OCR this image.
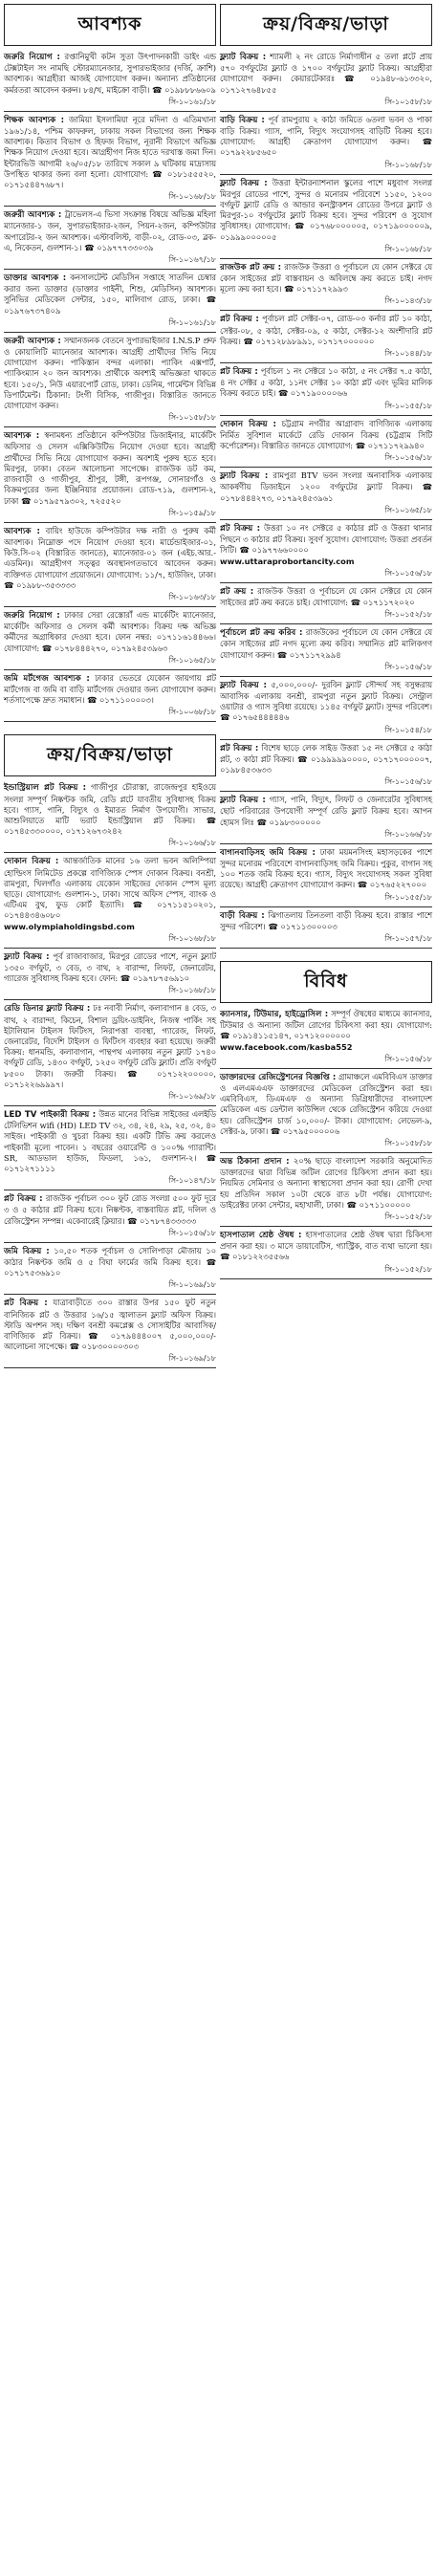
আবশ্যক

জরুরি নিয়োগ : রপ্তানিমুখী কটন সুতা উৎপাদনকারী ডাইং এন্ড টেক্সটাইল সং নামছি স্টোরম্যানেজার, সুপারভাইজার (দর্জি, ক্রাশি) আবশ্যক। আগ্রহীরা আজই যোগাযোগ করুন। অন্যান্য প্রতিষ্ঠানের কর্মরতরা আবেদন করুন। ৮৪/খ, মাইক্রো বাড়ী। ☎ ০১৯৮৮৮৬৬০৯

সি-১০১৬১/১৮

শিক্ষক আবশ্যক : জামিয়া ইসলামিয়া নূরে মদিনা ও এতিমখানা ১৯৬১/১৪, পশ্চিম কাফরুল, ঢাকায় সকল বিভাগের জন্য শিক্ষক আবশ্যক। কিতাব বিভাগ ও হিফজ বিভাগ, নূরানী বিভাগে অভিজ্ঞ শিক্ষক নিয়োগ দেওয়া হবে। আগ্রহীগণ নিজ হাতে দরখাস্ত জমা দিন। ইন্টারভিউ আগামী ২৬/০৫/১৮ তারিখে সকাল ৯ ঘটিকায় মাদ্রাসায় উপস্থিত থাকার জন্য বলা হলো। যোগাযোগ: ☎ ০১৮১৫৫৫২০, ০১৭১৫৪৪৭৬৮৭।

সি-১০১৬৮/১৮

জরুরী আবশ্যক : ট্রাভেলস-এ ভিসা সংক্রান্ত বিষয়ে অভিজ্ঞ মহিলা ম্যানেজার-১ জন, সুপারভাইজার-২জন, পিয়ন-২জন, কম্পিউটার অপারেটর-২ জন আবশ্যক। এস্টাবলিস্ট, বাড়ী-০২, রোড-০৩, ব্লক-এ, নিকেতন, গুলশান-১। ☎ ০১৯৭৭৭৩৩০৩৯

সি-১০১৬৭/১৮

ডাক্তার আবশ্যক : কনসালটেন্ট মেডিসিন সপ্তাহে সাতদিন চেম্বার করার জন্য ডাক্তার (ডাক্তার গাইনী, শিশু, মেডিসিন) আবশ্যক। সুনিভির মেডিকেল সেন্টার, ১৫০, মালিবাগ রোড, ঢাকা। ☎ ০১৯৭৬৭৩৭৪০৯

সি-১০১৬১/১৮

জরুরী আবশ্যক : সম্মানজনক বেতনে সুপারভাইজার I.N.S.P প্রুফ ও কোয়ালিটি ম্যানেজার আবশ্যক। আগ্রহী প্রার্থীদের সিভি নিয়ে যোগাযোগ করুন। পাকিস্তান বন্দর এলাকা। প্যাকিং এক্সপার্ট, প্যাকিংম্যান ২০ জন আবশ্যক। প্রার্থীকে অবশ্যই অভিজ্ঞতা থাকতে হবে। ১৫০/১, নিউ এয়ারপোর্ট রোড, ঢাকা। ডেনিম, গার্মেন্টস বিভিন্ন ডিপার্টমেন্ট। ঠিকানা: টংগী বিসিক, গাজীপুর। বিস্তারিত জানতে যোগাযোগ করুন।

সি-১০১৫৮/১৮

আবশ্যক : স্বনামধন্য প্রতিষ্ঠানে কম্পিউটার ডিজাইনার, মার্কেটিং অফিসার ও সেলস এক্সিকিউটিভ নিয়োগ দেওয়া হবে। আগ্রহী প্রার্থীদের সিভি নিয়ে যোগাযোগ করুন। অবশ্যই পুরুষ হতে হবে। মিরপুর, ঢাকা। বেতন আলোচনা সাপেক্ষে। রাজউক ডট কম, রাজবাড়ী ও গাজীপুর, শ্রীপুর, টঙ্গী, রূপগঞ্জ, সোনারগাঁও ও বিক্রমপুরের জন্য ইঞ্জিনিয়ার প্রয়োজন। রোড-৭১৯, গুলশান-২, ঢাকা ☎ ০১৭৯৫৭৯৩০২, ৭২৫৫২০

সি-১০১৫৯/১৮

আবশ্যক : বায়িং হাউজে কম্পিউটার দক্ষ নারী ও পুরুষ কর্মী আবশ্যক। নিম্নোক্ত পদে নিয়োগ দেওয়া হবে। মার্চেন্ডাইজার-০১, কিউ.সি-০২ (বিস্তারিত জানতে), ম্যানেজার-০১ জন (এইচ.আর.-এডমিন)। আগ্রহীগণ সত্ত্বর অবস্থানগতভাবে আবেদন করুন। ব্যক্তিগত যোগাযোগ প্রয়োজনে। যোগাযোগ: ১১/৭, হাউজিং, ঢাকা। ☎ ০১৯৮৮-৩৫৩৩৩৩

সি-১০১৬৩/১৮

জরুরি নিয়োগ : ঢাকার সেরা রেস্তোরাঁ এন্ড মার্কেটিং ম্যানেজার, মার্কেটিং অফিসার ও সেলস কর্মী আবশ্যক। বিক্রয় দক্ষ অভিজ্ঞ কর্মীদের অগ্রাধিকার দেওয়া হবে। ফোন নম্বর: ০১৭১১৬১৪৪৬৬। যোগাযোগ: ☎ ০১৭৮৪৪৪২৭০, ০১৭৯২৪৫৩৯৬৩

সি-১০১৬৫/১৮

জমি মর্টগেজ আবশ্যক : ঢাকার ভেতরে যেকোন জায়গায় প্লট মার্টগেজ বা জমি বা বাড়ি মার্টগেজ দেওয়ার জন্য যোগাযোগ করুন। শর্তসাপেক্ষে দ্রুত সমাধান। ☎ ০১৭১১০০০০৩।

সি-১০০৬৮/১৮
ক্রয়/বিক্রয়/ভাড়া

ইন্ডাস্ট্রিয়াল প্লট বিক্রয় : গাজীপুর চৌরাস্তা, রাজেন্দ্রপুর হাইওয়ে সংলগ্ন সম্পূর্ণ নিষ্কণ্টক জমি, রেডি প্লটে যাবতীয় সুবিধাসহ বিক্রয় হবে। গ্যাস, পানি, বিদ্যুৎ ও ইমারত নির্মাণ উপযোগী। সাভার, আশুলিয়াতে মাটি ভরাট ইন্ডাস্ট্রিয়াল প্লট বিক্রয়। ☎ ০১৭৪৫৩৩০০০০, ০১৭১২৬৭৩২৪২

সি-১০১৬৬/১৮

দোকান বিক্রয় : আন্তর্জাতিক মানের ১৬ তলা ভবন অলিম্পিয়া হোল্ডিংস লিমিটেড প্রকল্পে বাণিজ্যিক স্পেস দোকান বিক্রয়। বনশ্রী, রামপুরা, খিলগাঁও এলাকায় যেকোন সাইজের দোকান স্পেস মূল্য ছাড়ে। যোগাযোগ: গুলশান-১, ঢাকা। সাথে অফিস স্পেস, ব্যাংক ও এটিএম বুথ, ফুড কোর্ট ইত্যাদি। ☎ ০১৭১১৫১০২০১, ০১৭৪৪৩৪৬০৮০
www.olympiaholdingsbd.com

সি-১০১৬৮/১৮

ফ্ল্যাট বিক্রয় : পূর্ব রাজাবাজার, মিরপুর রোডের পাশে, নতুন ফ্ল্যাট ১৩৫০ বর্গফুট, ৩ বেড, ৩ বাথ, ২ বারান্দা, লিফট, জেনারেটর, গ্যারেজ সুবিধাসহ বিক্রয় হবে। ফোন: ☎ ০১৯৭৮৭৫৬৯১০

সি-১০১৬৮/১৮

রেডি ডিনার ফ্ল্যাট বিক্রয় : ঢঃ নবাবী নির্মাণ, কলাবাগান ৪ বেড, ৩ বাথ, ২ বারান্দা, কিচেন, বিশাল ড্রয়িং-ডাইনিং, নিজস্ব পার্কিং সহ ইটালিয়ান টাইলস ফিটিংস, নিরাপত্তা ব্যবস্থা, গ্যারেজ, লিফট, জেনারেটর, বিদেশি টাইলস ও ফিটিংস ব্যবহার করা হয়েছে। জরুরী বিক্রয়: ধানমন্ডি, কলাবাগান, পান্থপথ এলাকায় নতুন ফ্ল্যাট ১৭৪০ বর্গফুট রেডি, ১৪৩০ বর্গফুট, ১২৫০ বর্গফুট রেডি ফ্ল্যাট। প্রতি বর্গফুট ৮৫০০ টাকা। জরুরী বিক্রয়। ☎ ০১৭১২২০০০০০, ০১৭১২২৬৯৯৯৭।

সি-১০১৬৯/১৮

LED TV পাইকারী বিক্রয় : উন্নত মানের বিভিন্ন সাইজের এলইডি টেলিভিশন wifi (HD) LED TV ৩২, ৩৪, ২৪, ২৯, ২৫, ৩২, ৪০ সাইজ। পাইকারী ও খুচরা বিক্রয় হয়। একটি টিভি ক্রয় করলেও পাইকারী মূল্যে পাবেন। ১ বছরের ওয়ারেন্টি ও ১০০% গ্যারান্টি। SR, আডভাল হাউজ, ফিডলা, ১৬১, গুলশান-২। ☎ ০১৭১২৭১১১১

সি-১০১৪৭/১৮

প্লট বিক্রয় : রাজউক পূর্বাচল ৩০০ ফুট রোড সংলগ্ন ৫০০ ফুট দূরে ৩ ও ৫ কাঠার প্লট বিক্রয় হবে। নিষ্কণ্টক, বাস্তবায়িত প্লট, দলিল ও রেজিস্ট্রেশন সম্পন্ন। একেবারেই ক্লিয়ার। ☎ ০১৭৮৭৪৩৩৩৩৩

সি-১০১৫৬/১৮

জমি বিক্রয় : ১০,৫০ শতক পূর্বাচল ও সোলিপাড়া মৌজায় ১০ কাঠার নিষ্কণ্টক জমি ও ৫ বিঘা ফার্মের জমি বিক্রয় হবে। ☎ ০১৭১৭৫৩৬৯১০

সি-১০১৬৯/১৮

প্লট বিক্রয় : যাত্রাবাড়ীতে ৩০০ রাস্তার উপর ১৫০ ফুট নতুন বানিজ্যিক প্লট ও উত্তরার ১৬/১৫ জ্বালাতন ফ্ল্যাট অফিস বিক্রয়। স্টাডি অপশন সহ। দক্ষিণ বনশ্রী কমপ্লেক্স ও সোসাইটির আবাসিক/বাণিজ্যিক প্লট বিক্রয়। ☎ ০১৭৯৪৪৪০০৭ ৫,০০০,০০০/- আলোচনা সাপেক্ষে। ☎ ০১৮৩০০০০৩০৩

সি-১০১৬৯/১৮
ক্রয়/বিক্রয়/ভাড়া

ফ্ল্যাট বিক্রয় : শ্যামলী ২ নং রোডে নির্মাণাধীন ৫ তলা প্লটে প্রায় ৫৭০ বর্গফুটের ফ্ল্যাট ও ১৭০০ বর্গফুটের ফ্ল্যাট বিক্রয়। আগ্রহীরা যোগাযোগ করুন। কেয়ারটেকারঃ ☎ ০১৯৪৮-৬১৩৩২০, ০১৭১২৭৬৪৮৫৫

সি-১০১৫৮/১৮

বাড়ি বিক্রয় : পূর্ব রামপুরায় ২ কাঠা জমিতে ৬তলা ভবন ও পাকা বাড়ি বিক্রয়। গ্যাস, পানি, বিদ্যুৎ সংযোগসহ বাড়িটি বিক্রয় হবে। যোগাযোগ: আগ্রহী ক্রেতাগণ যোগাযোগ করুন। ☎ ০১৭৯২২৮৫৬৫০

সি-১০১৬৮/১৮

ফ্ল্যাট বিক্রয় : উত্তরা ইন্টারন্যাশনাল স্কুলের পাশে মধুবাগ সংলগ্ন মিরপুর রোডের পাশে, সুন্দর ও মনোরম পরিবেশে ১১৫০, ১২০০ বর্গফুট ফ্ল্যাট রেডি ও আন্ডার কনস্ট্রাকশন রোডের উপরে ফ্ল্যাট ও মিরপুর-১০ বর্গফুটের ফ্ল্যাট বিক্রয় হবে। সুন্দর পরিবেশ ও সুযোগ সুবিধাসহ। যোগাযোগ: ☎ ০১৭৬৮০০০০০৫, ০১৭১৯০০০০০৯, ০১৯৯৯০০০০০৫

সি-১০১৬৮/১৮

রাজউক প্লট ক্রয় : রাজউক উত্তরা ও পূর্বাচলে যে কোন সেক্টরে যে কোন সাইজের প্লট বাস্তবায়ন ও অবিলম্বে ক্রয় করতে চাই। নগদ মূল্যে ক্রয় করা হবে। ☎ ০১৭১১৭২৯৯৩

সি-১০১৪৩/১৮

প্লট বিক্রয় : পূর্বাচল প্লট সেক্টর-০৭, রোড-০৩ কর্নার প্লট ১০ কাঠা, সেক্টর-০৮, ৫ কাঠা, সেক্টর-০৯, ৫ কাঠা, সেক্টর-১২ অংশীদারি প্লট বিক্রয়। ☎ ০১৭১২৮৯৮৯৯১, ০১৭১৭০০০০০০

সি-১০১৪৪/১৮

প্লট বিক্রয় : পূর্বাচল ১ নং সেক্টরে ১০ কাঠা, ৫ নং সেক্টর ৭.৫ কাঠা, ৪ নং সেক্টর ৫ কাঠা, ১১নং সেক্টর ১০ কাঠা প্লট এবং ভূমির মালিক বিক্রয় করতে চাই। ☎ ০১৭১৯০০০০৬৬

সি-১০১৫৫/১৮

দোকান বিক্রয় : চট্টগ্রাম নগরীর আগ্রাবাদ বাণিজ্যিক এলাকায় নির্মিত সুবিশাল মার্কেটে রেডি দোকান বিক্রয় (চট্টগ্রাম সিটি কর্পোরেশন)। বিস্তারিত জানতে যোগাযোগ: ☎ ০১৭১১৭২৯৯৪০

সি-১০১৫৬/১৮

ফ্ল্যাট বিক্রয় : রামপুরা BTV ভবন সংলগ্ন অনাবাসিক এলাকায় আকর্ষণীয় ডিজাইনে ১২০০ বর্গফুটের ফ্ল্যাট বিক্রয়। ☎ ০১৭৮৪৪৪২৭৩, ০১৭৯২৪৫৩৯৬১

সি-১০১৬৫/১৮

প্লট বিক্রয় : উত্তরা ১০ নং সেক্টরে ৫ কাঠার প্লট ও উত্তরা থানার পিছনে ৩ কাঠার প্লট বিক্রয়। সুবর্ণ সুযোগ। যোগাযোগ: উত্তরা প্রবর্তন সিটি। ☎ ০১৯৭৭৬৬০০০০
www.uttaraprobortancity.com

সি-১০১৫৬/১৮

প্লট ক্রয় : রাজউক উত্তরা ও পূর্বাচলে যে কোন সেক্টরে যে কোন সাইজের প্লট ক্রয় করতে চাই। যোগাযোগ: ☎ ০১৭১১৭২০২০

সি-১০১৫২/১৮

পূর্বাচলে প্লট ক্রয় করিব : রাজউকের পূর্বাচলে যে কোন সেক্টরে যে কোন সাইজের প্লট নগদ মূল্যে ক্রয় করিব। সম্মানিত প্লট মালিকগণ যোগাযোগ করুন। ☎ ০১৭১১৭২৯৯৪

সি-১০১৫৬/১৮

ফ্ল্যাট বিক্রয় : ৫,০০০,০০০/- দুরবিন ফ্ল্যাট সৌন্দর্য সহ বসুন্ধরায় আবাসিক এলাকায় বনশ্রী, রামপুরা নতুন ফ্ল্যাট বিক্রয়। সেন্ট্রাল ওয়াটার ও গ্যাস সুবিধা রয়েছে। ১১৪৫ বর্গফুট ফ্ল্যাট। সুন্দর পরিবেশ। ☎ ০১৭৬৫৪৪৪৪৪৬

সি-১০১৫৪/১৮

প্লট বিক্রয় : বিশেষ ছাড়ে লেক সাইড উত্তরা ১৫ নং সেক্টরে ৫ কাঠা প্লট, ৩ কাঠা প্লট বিক্রয়। ☎ ০১৯৯৯৯৯০০০০, ০১৭১৭০০০০০৭, ০১৯৮৪৫৩৬৩৩

সি-১০১৫৬/১৮

ফ্ল্যাট বিক্রয় : গ্যাস, পানি, বিদ্যুৎ, লিফট ও জেনারেটর সুবিধাসহ ছোট পরিবারের উপযোগী সম্পূর্ণ রেডি ফ্ল্যাট বিক্রয় হবে। আপন হোমস লিঃ ☎ ০১৯৮৩০০০০০

সি-১০১৬৬/১৮

বাগানবাড়িসহ জমি বিক্রয় : ঢাকা ময়মনসিংহ মহাসড়কের পাশে সুন্দর মনোরম পরিবেশে বাগানবাড়িসহ জমি বিক্রয়। পুকুর, বাগান সহ ১০০ শতক জমি বিক্রয় হবে। গ্যাস, বিদ্যুৎ সংযোগসহ সকল সুবিধা রয়েছে। আগ্রহী ক্রেতাগণ যোগাযোগ করুন। ☎ ০১৭৬৫২২৭০০০

সি-১০১৫৫/১৮

বাড়ী বিক্রয় : ঝিগাতলায় তিনতলা বাড়ী বিক্রয় হবে। রাস্তার পাশে সুন্দর পরিবেশ। ☎ ০১৭১১৩০০০০৩

সি-১০১৫৭/১৮
বিবিধ

ক্যানসার, টিউমার, হাইড্রোসিল : সম্পূর্ণ ঔষধের মাধ্যমে ক্যানসার, টিউমার ও অন্যান্য জটিল রোগের চিকিৎসা করা হয়। যোগাযোগ: ☎ ০১৯১৪১১৫১৪৭, ০১৭১২০০০০০০
www.facebook.com/kasba552

সি-১০১৫৬/১৮

ডাক্তারদের রেজিস্ট্রেশনের বিজ্ঞপ্তি : গ্রামাঞ্চলে এমবিবিএস ডাক্তার ও এলএমএএফ ডাক্তারদের মেডিকেল রেজিস্ট্রেশন করা হয়। এমবিবিএস, ডিএমএফ ও অন্যান্য ডিগ্রিধারীদের বাংলাদেশ মেডিকেল এন্ড ডেন্টাল কাউন্সিল থেকে রেজিস্ট্রেশন করিয়ে দেওয়া হয়। রেজিস্ট্রেশন চার্জ ১০,০০০/- টাকা। যোগাযোগ: লেভেল-৯, সেক্টর-৯, ঢাকা। ☎ ০১৭৯৫০০০০০৬

সি-১০১৫৮/১৮

অন্ত ঠিকানা প্রদান : ২০% ছাড়ে বাংলাদেশ সরকারি অনুমোদিত ডাক্তারদের দ্বারা বিভিন্ন জটিল রোগের চিকিৎসা প্রদান করা হয়। নিয়মিত সেমিনার ও অন্যান্য স্বাস্থ্যসেবা প্রদান করা হয়। রোগী দেখা হয় প্রতিদিন সকাল ১০টা থেকে রাত ৮টা পর্যন্ত। যোগাযোগ: ডাইরেক্টর ঢাকা সেন্টার, মহাখালী, ঢাকা। ☎ ০১৭১১০০০০০

সি-১০১৫২/১৮

হাসপাতাল শ্রেষ্ঠ ঔষধ : হাসপাতালের শ্রেষ্ঠ ঔষধ দ্বারা চিকিৎসা প্রদান করা হয়। ৩ মাসে ডায়াবেটিস, গ্যাস্ট্রিক, বাত ব্যথা ভালো হয়। ☎ ০১৮১২২৩৫৫৬৬

সি-১০১৫২/১৮
